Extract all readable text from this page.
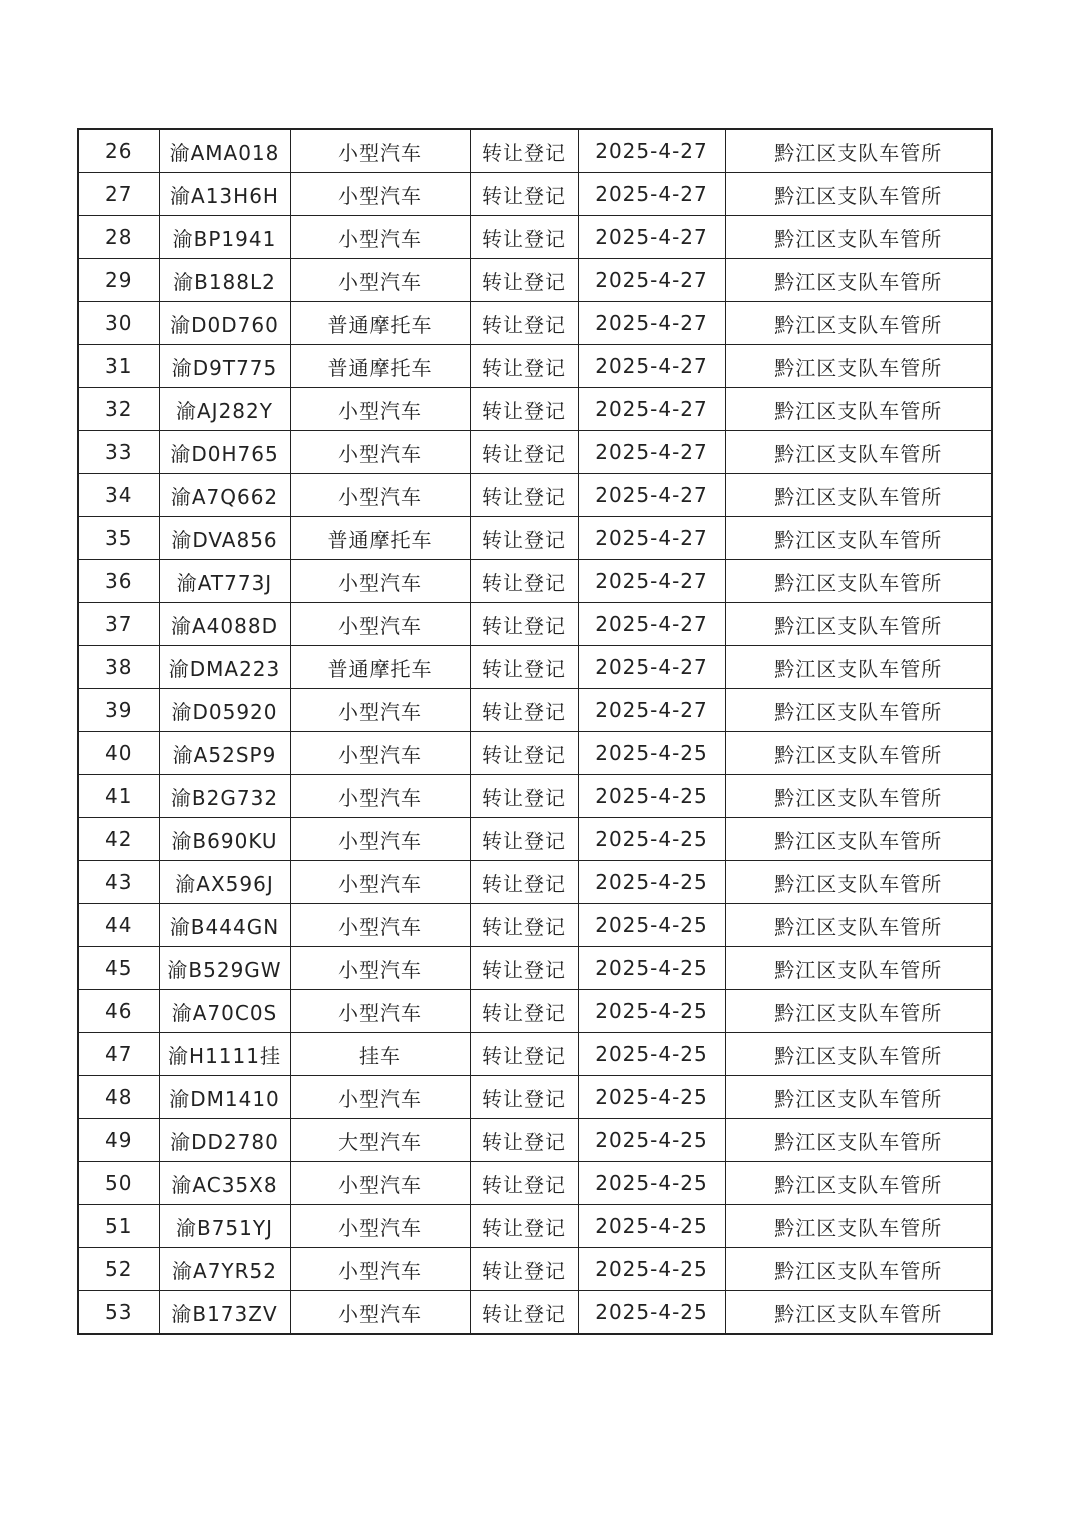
26	渝AMA018	小型汽车	转让登记	2025-4-27	黔江区支队车管所
27	渝A13H6H	小型汽车	转让登记	2025-4-27	黔江区支队车管所
28	渝BP1941	小型汽车	转让登记	2025-4-27	黔江区支队车管所
29	渝B188L2	小型汽车	转让登记	2025-4-27	黔江区支队车管所
30	渝D0D760	普通摩托车	转让登记	2025-4-27	黔江区支队车管所
31	渝D9T775	普通摩托车	转让登记	2025-4-27	黔江区支队车管所
32	渝AJ282Y	小型汽车	转让登记	2025-4-27	黔江区支队车管所
33	渝D0H765	小型汽车	转让登记	2025-4-27	黔江区支队车管所
34	渝A7Q662	小型汽车	转让登记	2025-4-27	黔江区支队车管所
35	渝DVA856	普通摩托车	转让登记	2025-4-27	黔江区支队车管所
36	渝AT773J	小型汽车	转让登记	2025-4-27	黔江区支队车管所
37	渝A4088D	小型汽车	转让登记	2025-4-27	黔江区支队车管所
38	渝DMA223	普通摩托车	转让登记	2025-4-27	黔江区支队车管所
39	渝D05920	小型汽车	转让登记	2025-4-27	黔江区支队车管所
40	渝A52SP9	小型汽车	转让登记	2025-4-25	黔江区支队车管所
41	渝B2G732	小型汽车	转让登记	2025-4-25	黔江区支队车管所
42	渝B690KU	小型汽车	转让登记	2025-4-25	黔江区支队车管所
43	渝AX596J	小型汽车	转让登记	2025-4-25	黔江区支队车管所
44	渝B444GN	小型汽车	转让登记	2025-4-25	黔江区支队车管所
45	渝B529GW	小型汽车	转让登记	2025-4-25	黔江区支队车管所
46	渝A70C0S	小型汽车	转让登记	2025-4-25	黔江区支队车管所
47	渝H1111挂	挂车	转让登记	2025-4-25	黔江区支队车管所
48	渝DM1410	小型汽车	转让登记	2025-4-25	黔江区支队车管所
49	渝DD2780	大型汽车	转让登记	2025-4-25	黔江区支队车管所
50	渝AC35X8	小型汽车	转让登记	2025-4-25	黔江区支队车管所
51	渝B751YJ	小型汽车	转让登记	2025-4-25	黔江区支队车管所
52	渝A7YR52	小型汽车	转让登记	2025-4-25	黔江区支队车管所
53	渝B173ZV	小型汽车	转让登记	2025-4-25	黔江区支队车管所
